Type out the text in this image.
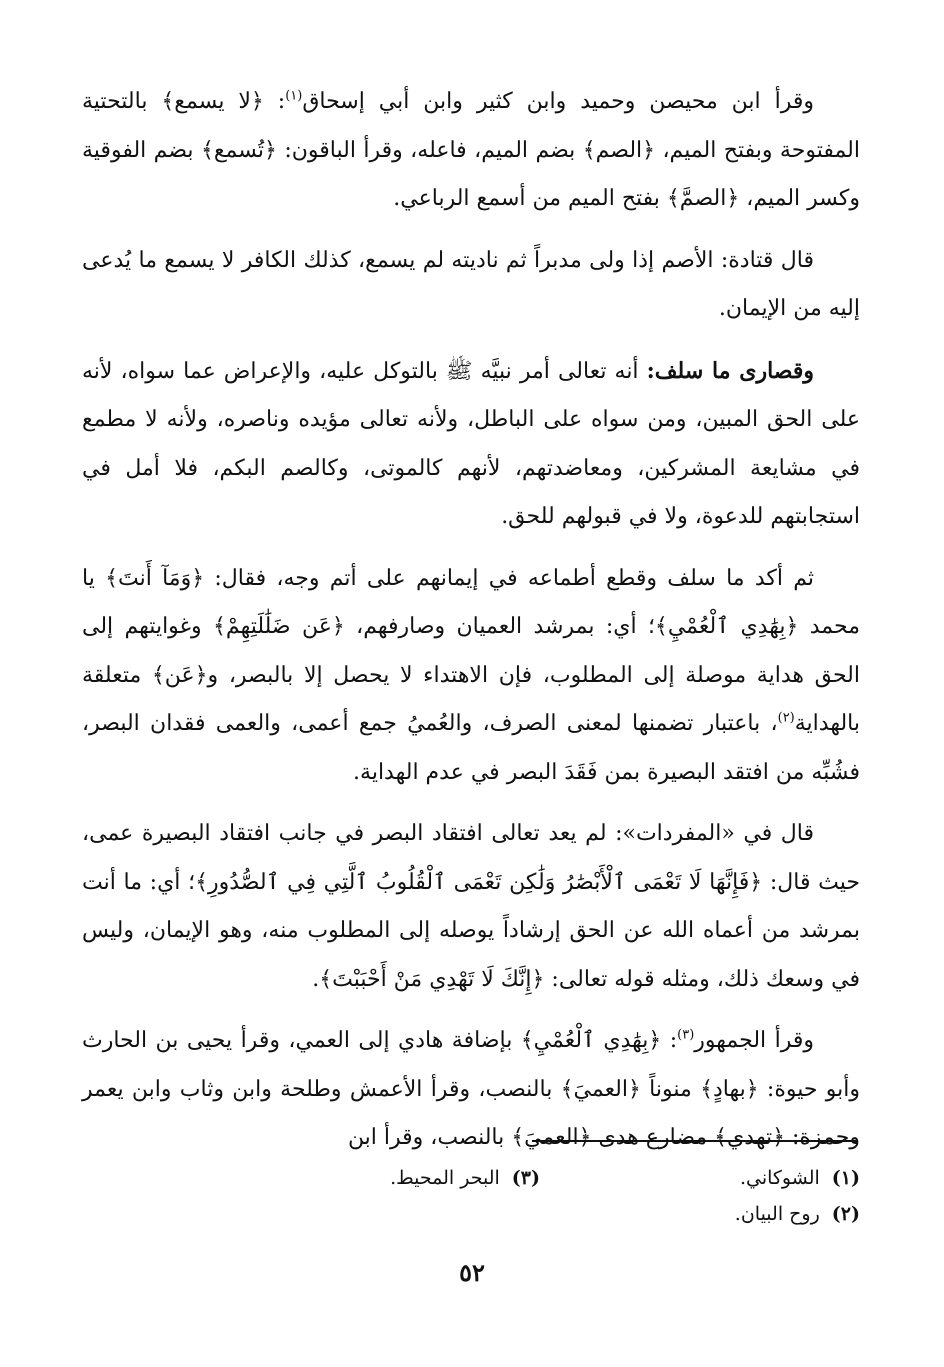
وقرأ ابن محيصن وحميد وابن كثير وابن أبي إسحاق$^{(١)}$: ﴿لا يسمع﴾ بالتحتية المفتوحة وبفتح الميم، ﴿الصم﴾ بضم الميم، فاعله، وقرأ الباقون: ﴿تُسمع﴾ بضم الفوقية وكسر الميم، ﴿الصمَّ﴾ بفتح الميم من أسمع الرباعي.

قال قتادة: الأصم إذا ولى مدبراً ثم ناديته لم يسمع، كذلك الكافر لا يسمع ما يُدعى إليه من الإيمان.

وقصارى ما سلف: أنه تعالى أمر نبيَّه ﷺ بالتوكل عليه، والإعراض عما سواه، لأنه على الحق المبين، ومن سواه على الباطل، ولأنه تعالى مؤيده وناصره، ولأنه لا مطمع في مشايعة المشركين، ومعاضدتهم، لأنهم كالموتى، وكالصم البكم، فلا أمل في استجابتهم للدعوة، ولا في قبولهم للحق.

ثم أكد ما سلف وقطع أطماعه في إيمانهم على أتم وجه، فقال: ﴿وَمَآ أَنتَ﴾ يا محمد ﴿بِهَٰدِي ٱلْعُمْيِ﴾؛ أي: بمرشد العميان وصارفهم، ﴿عَن ضَلَٰلَتِهِمْ﴾ وغوايتهم إلى الحق هداية موصلة إلى المطلوب، فإن الاهتداء لا يحصل إلا بالبصر، و﴿عَن﴾ متعلقة بالهداية$^{(٢)}$، باعتبار تضمنها لمعنى الصرف، والعُميُ جمع أعمى، والعمى فقدان البصر، فشُبِّه من افتقد البصيرة بمن فَقَدَ البصر في عدم الهداية.

قال في «المفردات»: لم يعد تعالى افتقاد البصر في جانب افتقاد البصيرة عمى، حيث قال: ﴿فَإِنَّهَا لَا تَعْمَى ٱلْأَبْصَٰرُ وَلَٰكِن تَعْمَى ٱلْقُلُوبُ ٱلَّتِي فِي ٱلصُّدُورِ﴾؛ أي: ما أنت بمرشد من أعماه الله عن الحق إرشاداً يوصله إلى المطلوب منه، وهو الإيمان، وليس في وسعك ذلك، ومثله قوله تعالى: ﴿إِنَّكَ لَا تَهْدِي مَنْ أَحْبَبْتَ﴾.

وقرأ الجمهور$^{(٣)}$: ﴿بِهَٰدِي ٱلْعُمْيِ﴾ بإضافة هادي إلى العمي، وقرأ يحيى بن الحارث وأبو حيوة: ﴿بهادٍ﴾ منوناً ﴿العميَ﴾ بالنصب، وقرأ الأعمش وطلحة وابن وثاب وابن يعمر وحمزة: ﴿تهدي﴾ مضارع هدى ﴿العميَ﴾ بالنصب، وقرأ ابن

(١)الشوكاني.
(٣)البحر المحيط.
(٢)روح البيان.
٥٢
